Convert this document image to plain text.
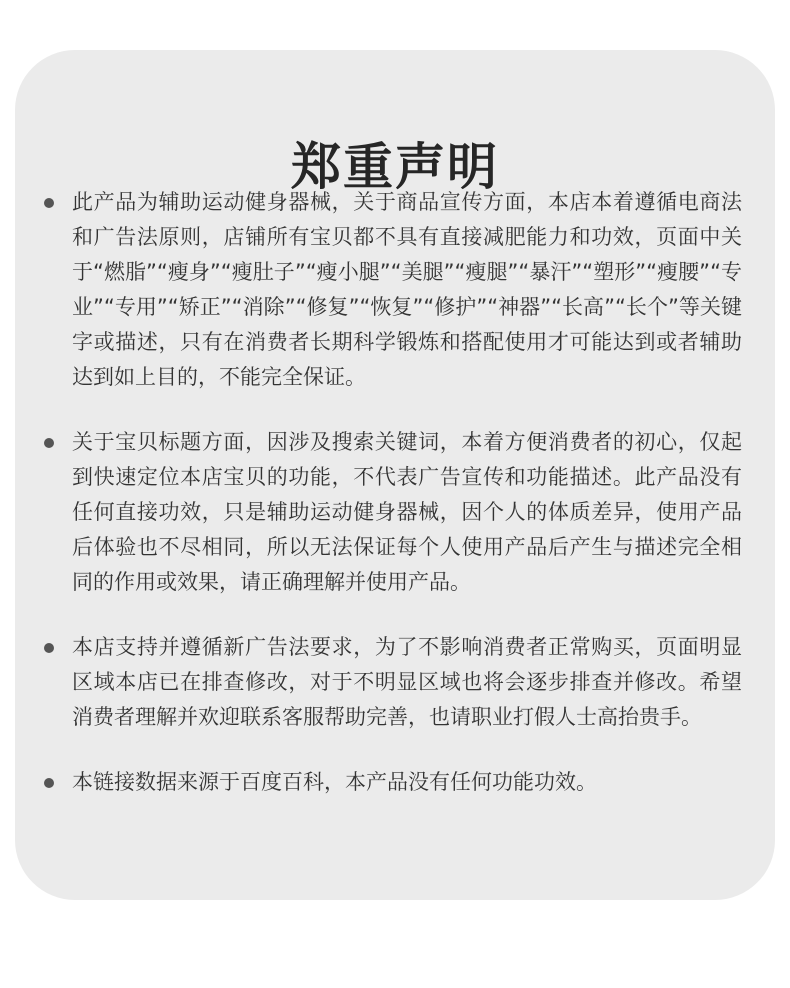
郑重声明
此产品为辅助运动健身器械，关于商品宣传方面，本店本着遵循电商法和广告法原则，店铺所有宝贝都不具有直接减肥能力和功效，页面中关于“燃脂”“瘦身”“瘦肚子”“瘦小腿”“美腿”“瘦腿”“暴汗”“塑形”“瘦腰”“专业”“专用”“矫正”“消除”“修复”“恢复”“修护”“神器”“长高”“长个”等关键字或描述，只有在消费者长期科学锻炼和搭配使用才可能达到或者辅助达到如上目的，不能完全保证。
关于宝贝标题方面，因涉及搜索关键词，本着方便消费者的初心，仅起到快速定位本店宝贝的功能，不代表广告宣传和功能描述。此产品没有任何直接功效，只是辅助运动健身器械，因个人的体质差异，使用产品后体验也不尽相同，所以无法保证每个人使用产品后产生与描述完全相同的作用或效果，请正确理解并使用产品。
本店支持并遵循新广告法要求，为了不影响消费者正常购买，页面明显区域本店已在排查修改，对于不明显区域也将会逐步排查并修改。希望消费者理解并欢迎联系客服帮助完善，也请职业打假人士高抬贵手。
本链接数据来源于百度百科，本产品没有任何功能功效。
